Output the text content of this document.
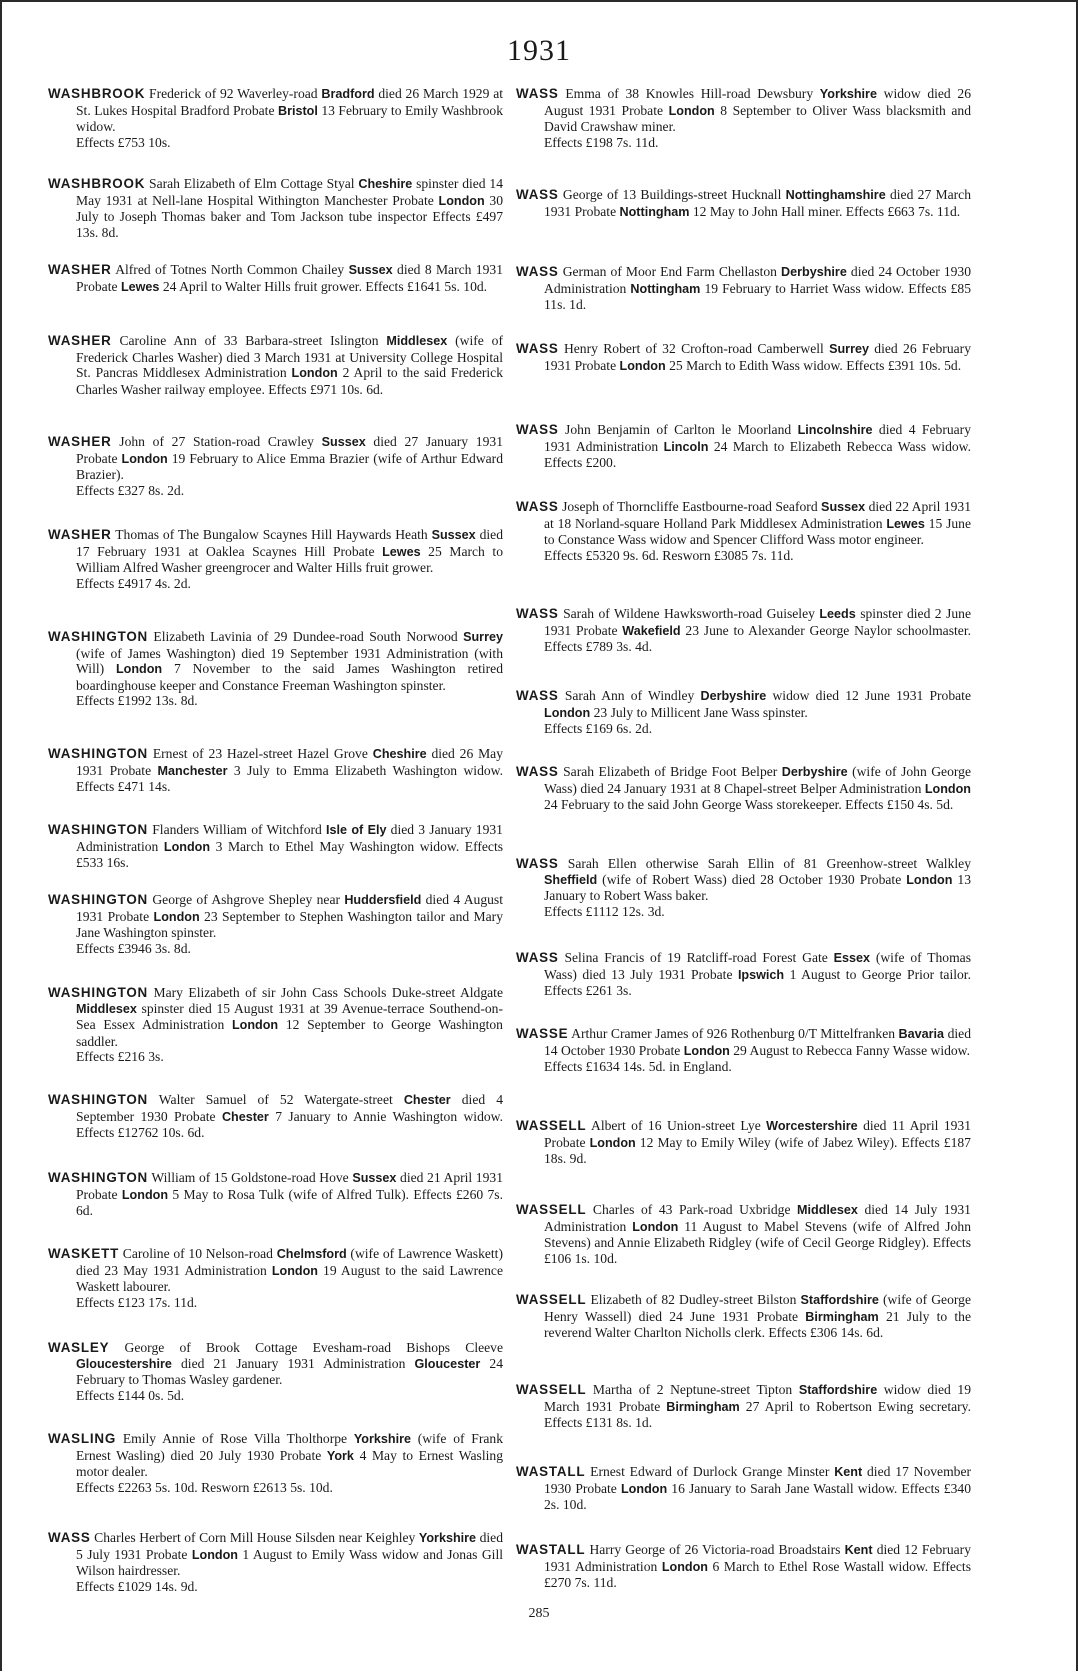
1931
WASHBROOK Frederick of 92 Waverley-road Bradford died 26 March 1929 at St. Lukes Hospital Bradford Probate Bristol 13 February to Emily Washbrook widow.
Effects £753 10s.
WASHBROOK Sarah Elizabeth of Elm Cottage Styal Cheshire spinster died 14 May 1931 at Nell-lane Hospital Withington Manchester Probate London 30 July to Joseph Thomas baker and Tom Jackson tube inspector Effects £497 13s. 8d.
WASHER Alfred of Totnes North Common Chailey Sussex died 8 March 1931 Probate Lewes 24 April to Walter Hills fruit grower. Effects £1641 5s. 10d.
WASHER Caroline Ann of 33 Barbara-street Islington Middlesex (wife of Frederick Charles Washer) died 3 March 1931 at University College Hospital St. Pancras Middlesex Administration London 2 April to the said Frederick Charles Washer railway employee. Effects £971 10s. 6d.
WASHER John of 27 Station-road Crawley Sussex died 27 January 1931 Probate London 19 February to Alice Emma Brazier (wife of Arthur Edward Brazier).
Effects £327 8s. 2d.
WASHER Thomas of The Bungalow Scaynes Hill Haywards Heath Sussex died 17 February 1931 at Oaklea Scaynes Hill Probate Lewes 25 March to William Alfred Washer greengrocer and Walter Hills fruit grower.
Effects £4917 4s. 2d.
WASHINGTON Elizabeth Lavinia of 29 Dundee-road South Norwood Surrey (wife of James Washington) died 19 September 1931 Administration (with Will) London 7 November to the said James Washington retired boardinghouse keeper and Constance Freeman Washington spinster.
Effects £1992 13s. 8d.
WASHINGTON Ernest of 23 Hazel-street Hazel Grove Cheshire died 26 May 1931 Probate Manchester 3 July to Emma Elizabeth Washington widow. Effects £471 14s.
WASHINGTON Flanders William of Witchford Isle of Ely died 3 January 1931 Administration London 3 March to Ethel May Washington widow. Effects £533 16s.
WASHINGTON George of Ashgrove Shepley near Huddersfield died 4 August 1931 Probate London 23 September to Stephen Washington tailor and Mary Jane Washington spinster.
Effects £3946 3s. 8d.
WASHINGTON Mary Elizabeth of sir John Cass Schools Duke-street Aldgate Middlesex spinster died 15 August 1931 at 39 Avenue-terrace Southend-on-Sea Essex Administration London 12 September to George Washington saddler.
Effects £216 3s.
WASHINGTON Walter Samuel of 52 Watergate-street Chester died 4 September 1930 Probate Chester 7 January to Annie Washington widow. Effects £12762 10s. 6d.
WASHINGTON William of 15 Goldstone-road Hove Sussex died 21 April 1931 Probate London 5 May to Rosa Tulk (wife of Alfred Tulk). Effects £260 7s. 6d.
WASKETT Caroline of 10 Nelson-road Chelmsford (wife of Lawrence Waskett) died 23 May 1931 Administration London 19 August to the said Lawrence Waskett labourer.
Effects £123 17s. 11d.
WASLEY George of Brook Cottage Evesham-road Bishops Cleeve Gloucestershire died 21 January 1931 Administration Gloucester 24 February to Thomas Wasley gardener.
Effects £144 0s. 5d.
WASLING Emily Annie of Rose Villa Tholthorpe Yorkshire (wife of Frank Ernest Wasling) died 20 July 1930 Probate York 4 May to Ernest Wasling motor dealer.
Effects £2263 5s. 10d. Resworn £2613 5s. 10d.
WASS Charles Herbert of Corn Mill House Silsden near Keighley Yorkshire died 5 July 1931 Probate London 1 August to Emily Wass widow and Jonas Gill Wilson hairdresser.
Effects £1029 14s. 9d.
WASS Emma of 38 Knowles Hill-road Dewsbury Yorkshire widow died 26 August 1931 Probate London 8 September to Oliver Wass blacksmith and David Crawshaw miner.
Effects £198 7s. 11d.
WASS George of 13 Buildings-street Hucknall Nottinghamshire died 27 March 1931 Probate Nottingham 12 May to John Hall miner. Effects £663 7s. 11d.
WASS German of Moor End Farm Chellaston Derbyshire died 24 October 1930 Administration Nottingham 19 February to Harriet Wass widow. Effects £85 11s. 1d.
WASS Henry Robert of 32 Crofton-road Camberwell Surrey died 26 February 1931 Probate London 25 March to Edith Wass widow. Effects £391 10s. 5d.
WASS John Benjamin of Carlton le Moorland Lincolnshire died 4 February 1931 Administration Lincoln 24 March to Elizabeth Rebecca Wass widow. Effects £200.
WASS Joseph of Thorncliffe Eastbourne-road Seaford Sussex died 22 April 1931 at 18 Norland-square Holland Park Middlesex Administration Lewes 15 June to Constance Wass widow and Spencer Clifford Wass motor engineer.
Effects £5320 9s. 6d. Resworn £3085 7s. 11d.
WASS Sarah of Wildene Hawksworth-road Guiseley Leeds spinster died 2 June 1931 Probate Wakefield 23 June to Alexander George Naylor schoolmaster. Effects £789 3s. 4d.
WASS Sarah Ann of Windley Derbyshire widow died 12 June 1931 Probate London 23 July to Millicent Jane Wass spinster.
Effects £169 6s. 2d.
WASS Sarah Elizabeth of Bridge Foot Belper Derbyshire (wife of John George Wass) died 24 January 1931 at 8 Chapel-street Belper Administration London 24 February to the said John George Wass storekeeper. Effects £150 4s. 5d.
WASS Sarah Ellen otherwise Sarah Ellin of 81 Greenhow-street Walkley Sheffield (wife of Robert Wass) died 28 October 1930 Probate London 13 January to Robert Wass baker.
Effects £1112 12s. 3d.
WASS Selina Francis of 19 Ratcliff-road Forest Gate Essex (wife of Thomas Wass) died 13 July 1931 Probate Ipswich 1 August to George Prior tailor. Effects £261 3s.
WASSE Arthur Cramer James of 926 Rothenburg 0/T Mittelfranken Bavaria died 14 October 1930 Probate London 29 August to Rebecca Fanny Wasse widow.
Effects £1634 14s. 5d. in England.
WASSELL Albert of 16 Union-street Lye Worcestershire died 11 April 1931 Probate London 12 May to Emily Wiley (wife of Jabez Wiley). Effects £187 18s. 9d.
WASSELL Charles of 43 Park-road Uxbridge Middlesex died 14 July 1931 Administration London 11 August to Mabel Stevens (wife of Alfred John Stevens) and Annie Elizabeth Ridgley (wife of Cecil George Ridgley). Effects £106 1s. 10d.
WASSELL Elizabeth of 82 Dudley-street Bilston Staffordshire (wife of George Henry Wassell) died 24 June 1931 Probate Birmingham 21 July to the reverend Walter Charlton Nicholls clerk. Effects £306 14s. 6d.
WASSELL Martha of 2 Neptune-street Tipton Staffordshire widow died 19 March 1931 Probate Birmingham 27 April to Robertson Ewing secretary. Effects £131 8s. 1d.
WASTALL Ernest Edward of Durlock Grange Minster Kent died 17 November 1930 Probate London 16 January to Sarah Jane Wastall widow. Effects £340 2s. 10d.
WASTALL Harry George of 26 Victoria-road Broadstairs Kent died 12 February 1931 Administration London 6 March to Ethel Rose Wastall widow. Effects £270 7s. 11d.
285
